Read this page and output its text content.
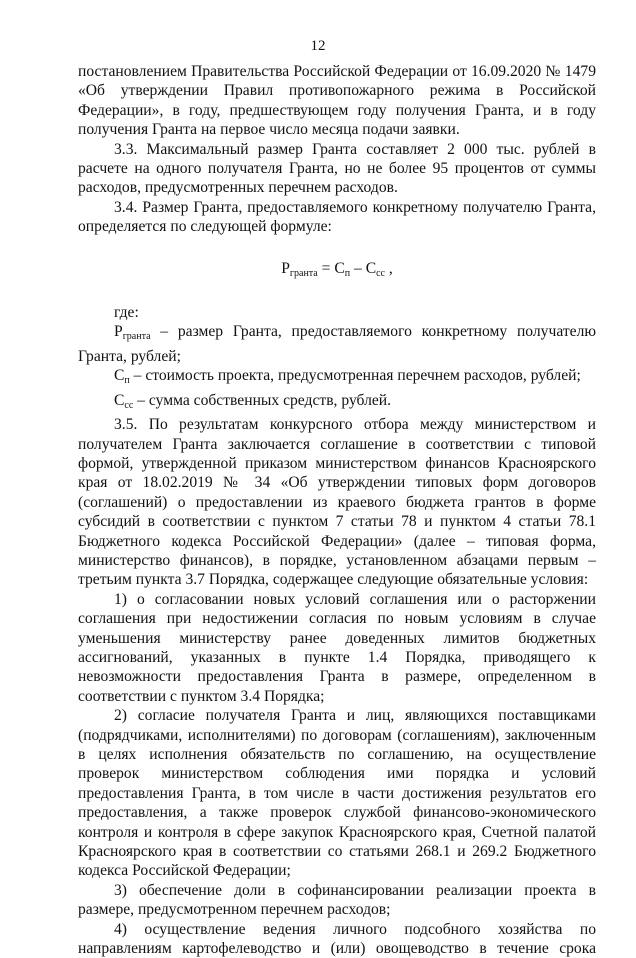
12

постановлением Правительства Российской Федерации от 16.09.2020 № 1479 «Об утверждении Правил противопожарного режима в Российской Федерации», в году, предшествующем году получения Гранта, и в году получения Гранта на первое число месяца подачи заявки.

3.3. Максимальный размер Гранта составляет 2 000 тыс. рублей в расчете на одного получателя Гранта, но не более 95 процентов от суммы расходов, предусмотренных перечнем расходов.

3.4. Размер Гранта, предоставляемого конкретному получателю Гранта, определяется по следующей формуле:

$Р_{гранта} = С_п - С_{сс}$ ,

где:

$Р_{гранта}$ – размер Гранта, предоставляемого конкретному получателю Гранта, рублей;

$С_п$ – стоимость проекта, предусмотренная перечнем расходов, рублей;

$С_{сс}$ – сумма собственных средств, рублей.

3.5. По результатам конкурсного отбора между министерством и получателем Гранта заключается соглашение в соответствии с типовой формой, утвержденной приказом министерством финансов Красноярского края от 18.02.2019 № 34 «Об утверждении типовых форм договоров (соглашений) о предоставлении из краевого бюджета грантов в форме субсидий в соответствии с пунктом 7 статьи 78 и пунктом 4 статьи 78.1 Бюджетного кодекса Российской Федерации» (далее – типовая форма, министерство финансов), в порядке, установленном абзацами первым – третьим пункта 3.7 Порядка, содержащее следующие обязательные условия:

1) о согласовании новых условий соглашения или о расторжении соглашения при недостижении согласия по новым условиям в случае уменьшения министерству ранее доведенных лимитов бюджетных ассигнований, указанных в пункте 1.4 Порядка, приводящего к невозможности предоставления Гранта в размере, определенном в соответствии с пунктом 3.4 Порядка;

2) согласие получателя Гранта и лиц, являющихся поставщиками (подрядчиками, исполнителями) по договорам (соглашениям), заключенным в целях исполнения обязательств по соглашению, на осуществление проверок министерством соблюдения ими порядка и условий предоставления Гранта, в том числе в части достижения результатов его предоставления, а также проверок службой финансово-экономического контроля и контроля в сфере закупок Красноярского края, Счетной палатой Красноярского края в соответствии со статьями 268.1 и 269.2 Бюджетного кодекса Российской Федерации;

3) обеспечение доли в софинансировании реализации проекта в размере, предусмотренном перечнем расходов;

4) осуществление ведения личного подсобного хозяйства по направлениям картофелеводство и (или) овощеводство в течение срока
